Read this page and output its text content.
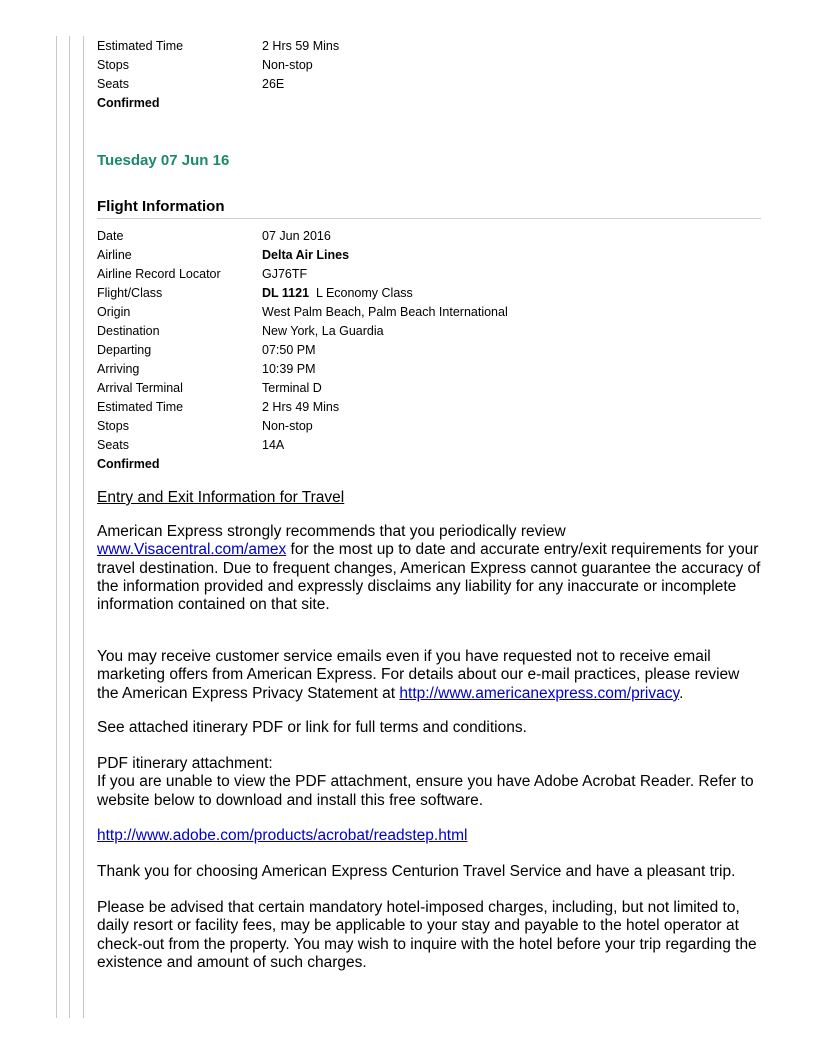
Estimated Time	2 Hrs 59 Mins
Stops	Non-stop
Seats	26E
Confirmed
Tuesday 07 Jun 16
Flight Information
Date	07 Jun 2016
Airline	Delta Air Lines
Airline Record Locator	GJ76TF
Flight/Class	DL 1121 L Economy Class
Origin	West Palm Beach, Palm Beach International
Destination	New York, La Guardia
Departing	07:50 PM
Arriving	10:39 PM
Arrival Terminal	Terminal D
Estimated Time	2 Hrs 49 Mins
Stops	Non-stop
Seats	14A
Confirmed
Entry and Exit Information for Travel

American Express strongly recommends that you periodically review
www.Visacentral.com/amex for the most up to date and accurate entry/exit requirements for your travel destination. Due to frequent changes, American Express cannot guarantee the accuracy of the information provided and expressly disclaims any liability for any inaccurate or incomplete information contained on that site.

You may receive customer service emails even if you have requested not to receive email marketing offers from American Express. For details about our e-mail practices, please review the American Express Privacy Statement at http://www.americanexpress.com/privacy.

See attached itinerary PDF or link for full terms and conditions.

PDF itinerary attachment:
If you are unable to view the PDF attachment, ensure you have Adobe Acrobat Reader. Refer to website below to download and install this free software.

http://www.adobe.com/products/acrobat/readstep.html

Thank you for choosing American Express Centurion Travel Service and have a pleasant trip.

Please be advised that certain mandatory hotel-imposed charges, including, but not limited to, daily resort or facility fees, may be applicable to your stay and payable to the hotel operator at check-out from the property. You may wish to inquire with the hotel before your trip regarding the existence and amount of such charges.
